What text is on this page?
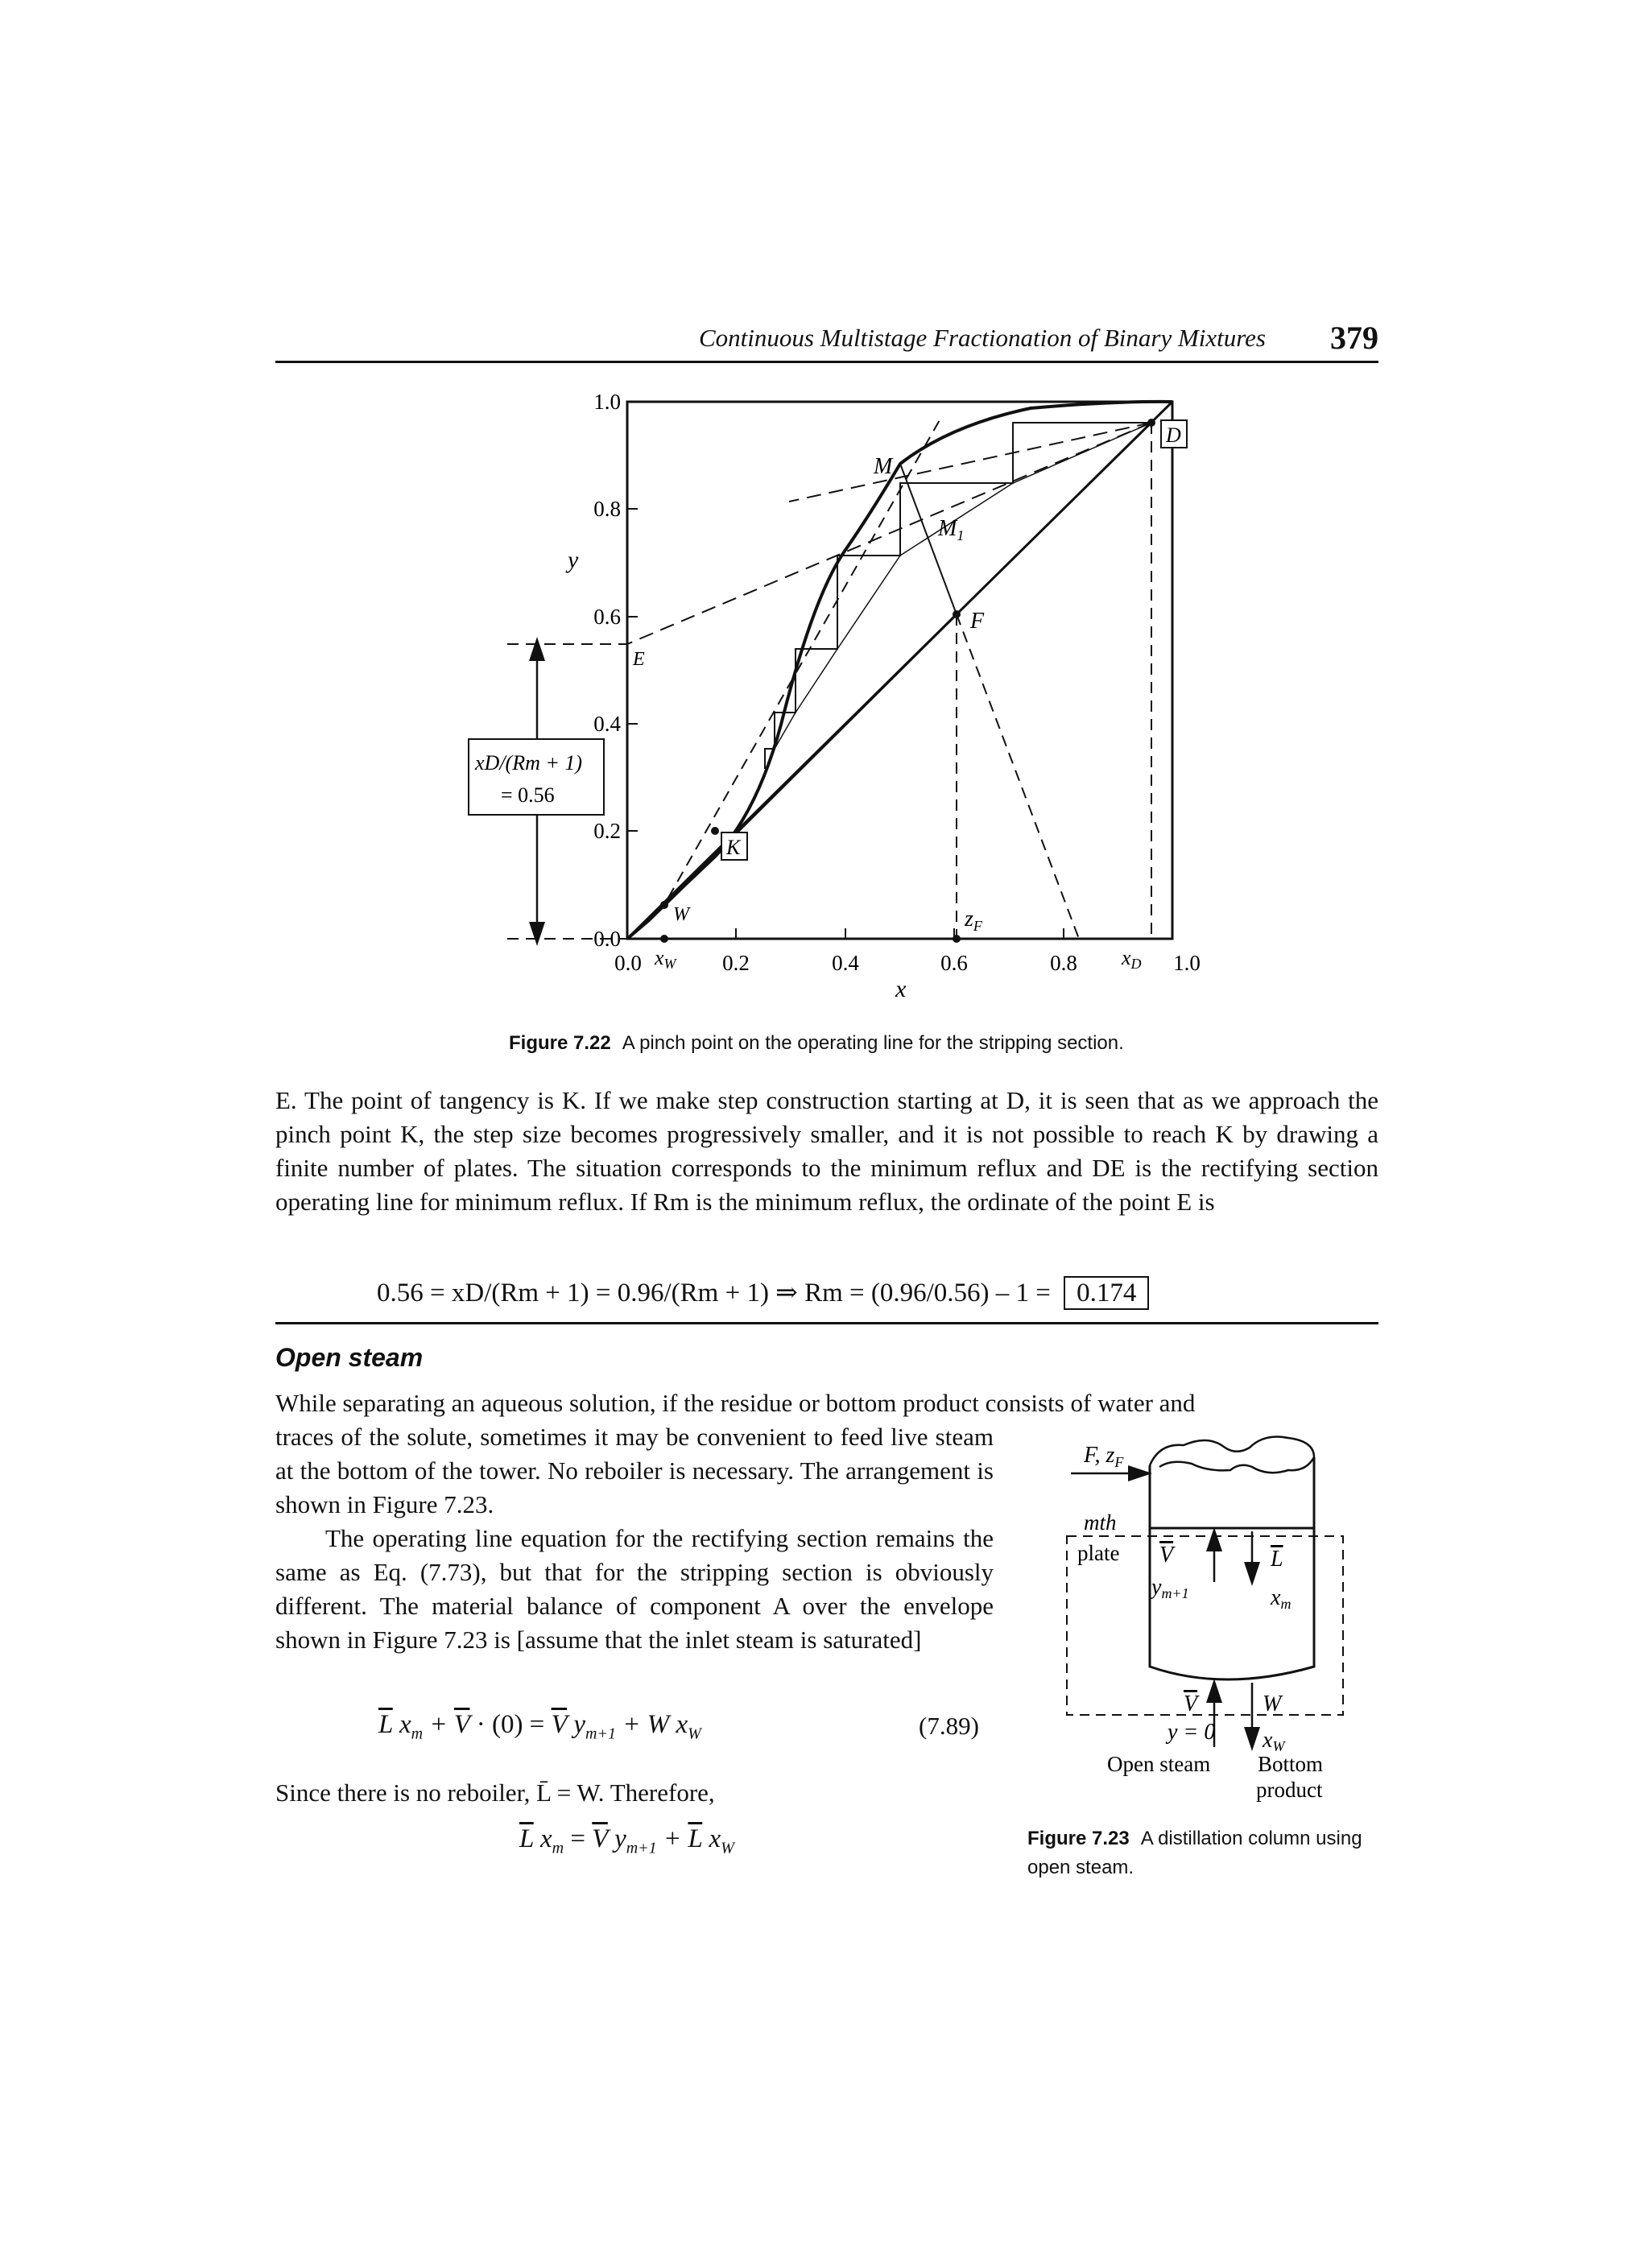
Continuous Multistage Fractionation of Binary Mixtures 379
0.0
0.2
0.4
0.6
0.8
1.0
0.0	0.2	0.4	0.6	0.8	1.0
xW	xD
y
x
M
$M_1$
F
E
W	$z_F$
D
K
xD/(Rm + 1)
= 0.56
Figure 7.22 A pinch point on the operating line for the stripping section.
E. The point of tangency is K. If we make step construction starting at D, it is seen that as we approach the pinch point K, the step size becomes progressively smaller, and it is not possible to reach K by drawing a finite number of plates. The situation corresponds to the minimum reflux and DE is the rectifying section operating line for minimum reflux. If Rm is the minimum reflux, the ordinate of the point E is
0.56 = xD/(Rm + 1) = 0.96/(Rm + 1) ⇒ Rm = (0.96/0.56) – 1 = 0.174
Open steam
While separating an aqueous solution, if the residue or bottom product consists of water and
traces of the solute, sometimes it may be convenient to feed live steam at the bottom of the tower. No reboiler is necessary. The arrangement is shown in Figure 7.23.
The operating line equation for the rectifying section remains the same as Eq. (7.73), but that for the stripping section is obviously different. The material balance of component A over the envelope shown in Figure 7.23 is [assume that the inlet steam is saturated]
$\overline{L}$ $x_m + \overline{V} \cdot (0) = \overline{V}$ $y_{m+1} + W$ $x_W$	(7.89)
Since there is no reboiler, L̄ = W. Therefore,
$\overline{L}$ $x_m = \overline{V}$ $y_{m+1} + \overline{L}$ $x_W$
F, $z_F$
mth
plate V	L
ym+1	xm
V	W
y = 0 xW
Open steam Bottom
product
Figure 7.23 A distillation column using open steam.
